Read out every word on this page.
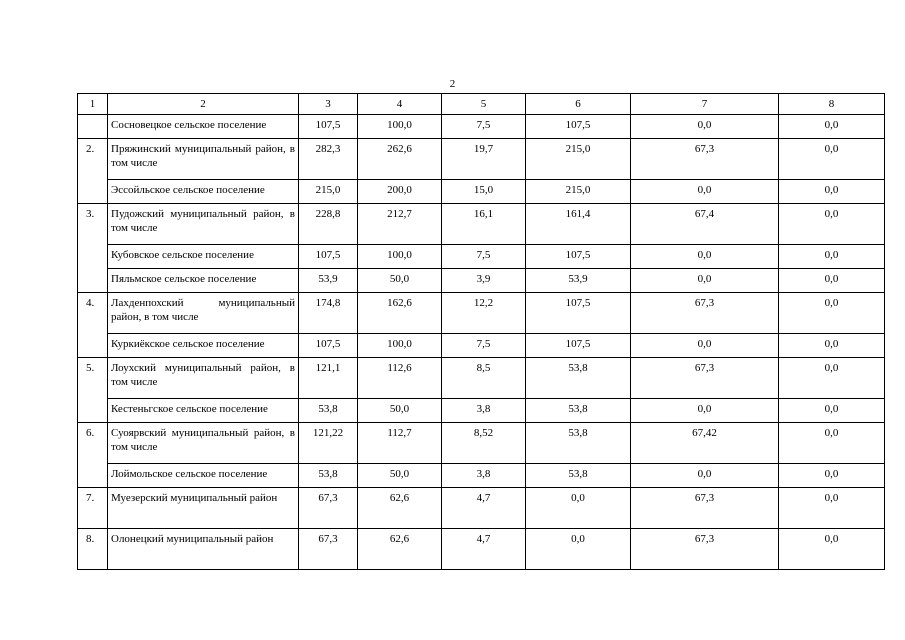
2
1	2	3	4	5	6	7	8
	Сосновецкое сельское поселение	107,5	100,0	7,5	107,5	0,0	0,0
2.	Пряжинский муниципальный район, в том числе	282,3	262,6	19,7	215,0	67,3	0,0
	Эссойльское сельское поселение	215,0	200,0	15,0	215,0	0,0	0,0
3.	Пудожский муниципальный район, в том числе	228,8	212,7	16,1	161,4	67,4	0,0
	Кубовское сельское поселение	107,5	100,0	7,5	107,5	0,0	0,0
	Пяльмское сельское поселение	53,9	50,0	3,9	53,9	0,0	0,0
4.	Лахденпохский муниципальный район, в том числе	174,8	162,6	12,2	107,5	67,3	0,0
	Куркиёкское сельское поселение	107,5	100,0	7,5	107,5	0,0	0,0
5.	Лоухский муниципальный район, в том числе	121,1	112,6	8,5	53,8	67,3	0,0
	Кестеньгское сельское поселение	53,8	50,0	3,8	53,8	0,0	0,0
6.	Суоярвский муниципальный район, в том числе	121,22	112,7	8,52	53,8	67,42	0,0
	Лоймольское сельское поселение	53,8	50,0	3,8	53,8	0,0	0,0
7.	Муезерский муниципальный район	67,3	62,6	4,7	0,0	67,3	0,0
8.	Олонецкий муниципальный район	67,3	62,6	4,7	0,0	67,3	0,0
